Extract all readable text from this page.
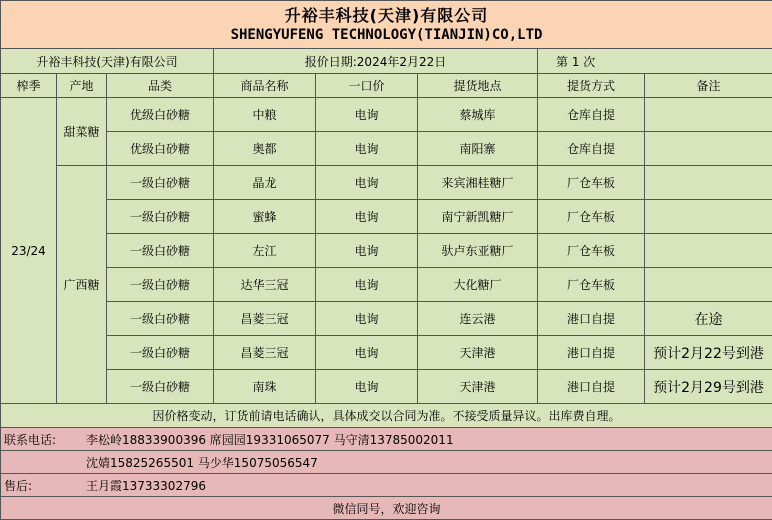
升裕丰科技(天津)有限公司
SHENGYUFENG TECHNOLOGY(TIANJIN)CO,LTD							

升裕丰科技(天津)有限公司			报价日期:2024年2月22日			第 1 次	
榨季	产地	品类	商品名称	一口价	提货地点	提货方式	备注
23/24	甜菜糖	优级白砂糖	中粮	电询	蔡城库	仓库自提	
		优级白砂糖	奥都	电询	南阳寨	仓库自提	
	广西糖	一级白砂糖	晶龙	电询	来宾湘桂糖厂	厂仓车板	
		一级白砂糖	蜜蜂	电询	南宁新凯糖厂	厂仓车板	
		一级白砂糖	左江	电询	驮卢东亚糖厂	厂仓车板	
		一级白砂糖	达华三冠	电询	大化糖厂	厂仓车板	
		一级白砂糖	昌菱三冠	电询	连云港	港口自提	在途
		一级白砂糖	昌菱三冠	电询	天津港	港口自提	预计2月22号到港
		一级白砂糖	南珠	电询	天津港	港口自提	预计2月29号到港
因价格变动，订货前请电话确认，具体成交以合同为准。不接受质量异议。出库费自理。							
联系电话: 李松岭18833900396 席园园19331065077 马守清13785002011							
沈婧15825265501 马少华15075056547							
售后: 王月霞13733302796							
微信同号，欢迎咨询							
